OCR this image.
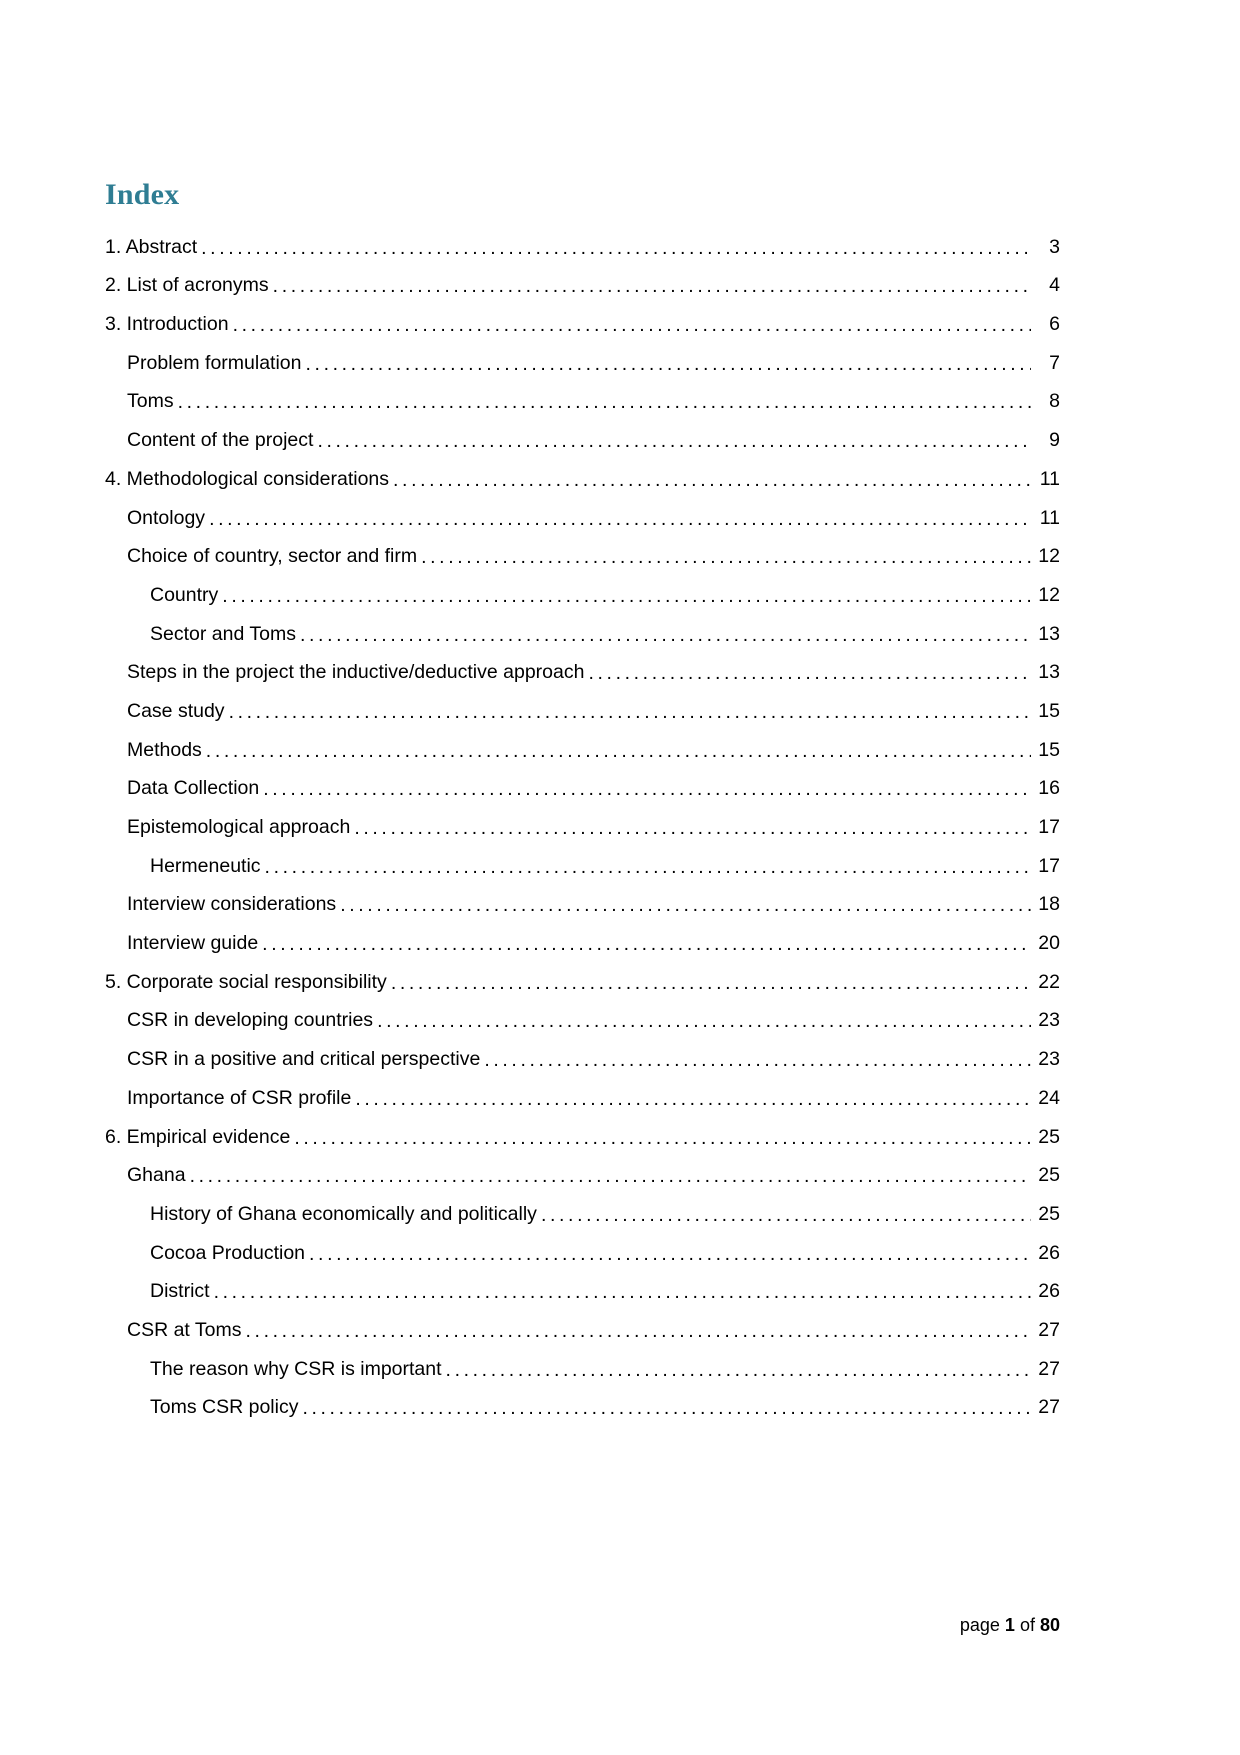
Index
1. Abstract . . .	3
2. List of acronyms . . .	4
3. Introduction . . .	6
Problem formulation . . .	7
Toms . . .	8
Content of the project . . .	9
4. Methodological considerations . . .	11
Ontology . . .	11
Choice of country, sector and firm . . .	12
Country . . .	12
Sector and Toms . . .	13
Steps in the project the inductive/deductive approach . . .	13
Case study . . .	15
Methods . . .	15
Data Collection . . .	16
Epistemological approach . . .	17
Hermeneutic . . .	17
Interview considerations . . .	18
Interview guide . . .	20
5. Corporate social responsibility . . .	22
CSR in developing countries . . .	23
CSR in a positive and critical perspective . . .	23
Importance of CSR profile . . .	24
6. Empirical evidence . . .	25
Ghana . . .	25
History of Ghana economically and politically . . .	25
Cocoa Production . . .	26
District . . .	26
CSR at Toms . . .	27
The reason why CSR is important . . .	27
Toms CSR policy . . .	27
page 1 of 80
